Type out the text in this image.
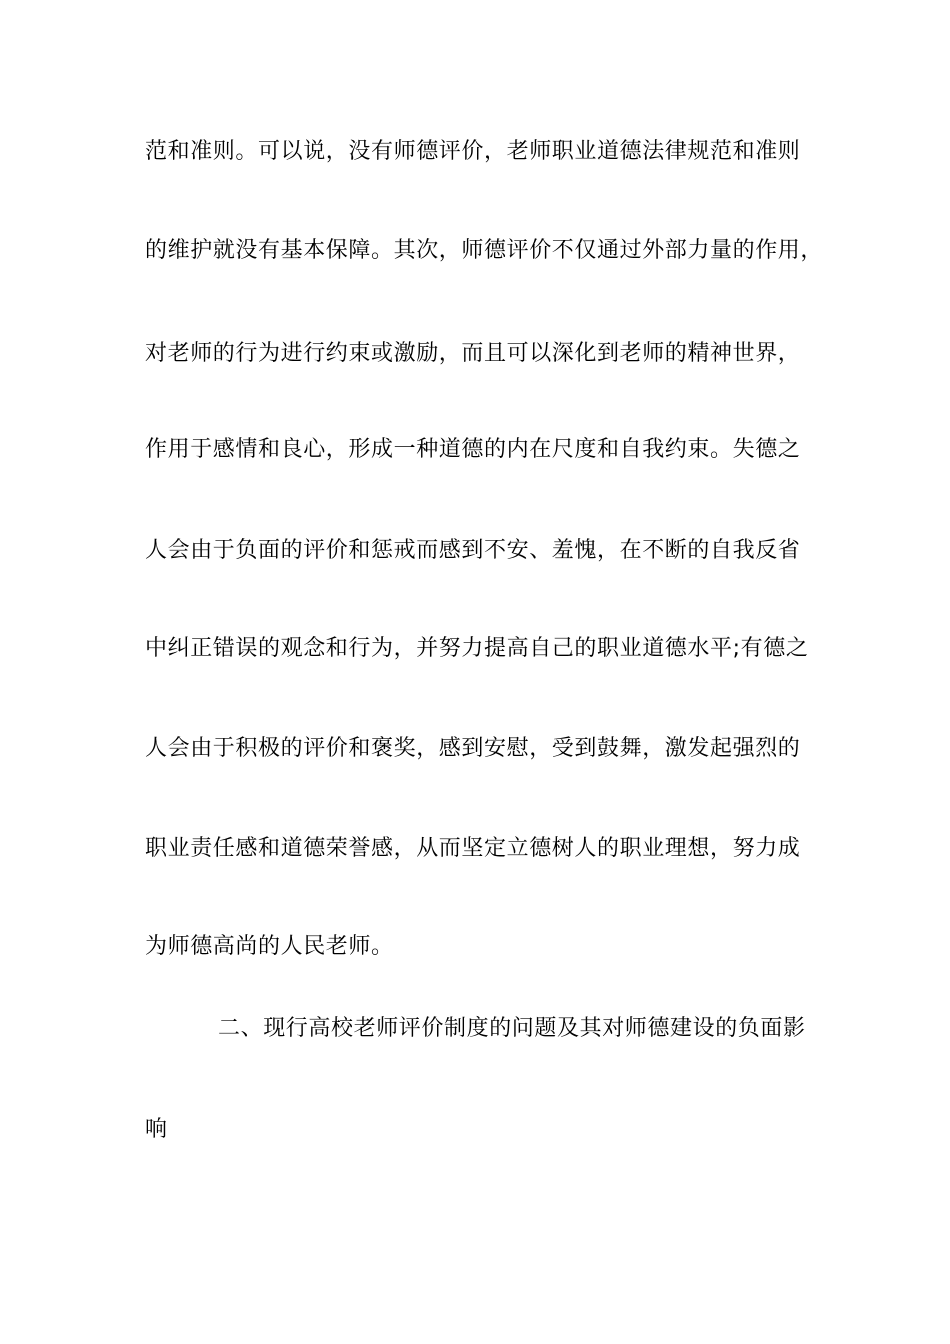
范和准则。可以说，没有师德评价，老师职业道德法律规范和准则
的维护就没有基本保障。其次，师德评价不仅通过外部力量的作用，
对老师的行为进行约束或激励，而且可以深化到老师的精神世界，
作用于感情和良心，形成一种道德的内在尺度和自我约束。失德之
人会由于负面的评价和惩戒而感到不安、羞愧，在不断的自我反省
中纠正错误的观念和行为，并努力提高自己的职业道德水平;有德之
人会由于积极的评价和褒奖，感到安慰，受到鼓舞，激发起强烈的
职业责任感和道德荣誉感，从而坚定立德树人的职业理想，努力成
为师德高尚的人民老师。
二、现行高校老师评价制度的问题及其对师德建设的负面影
响
